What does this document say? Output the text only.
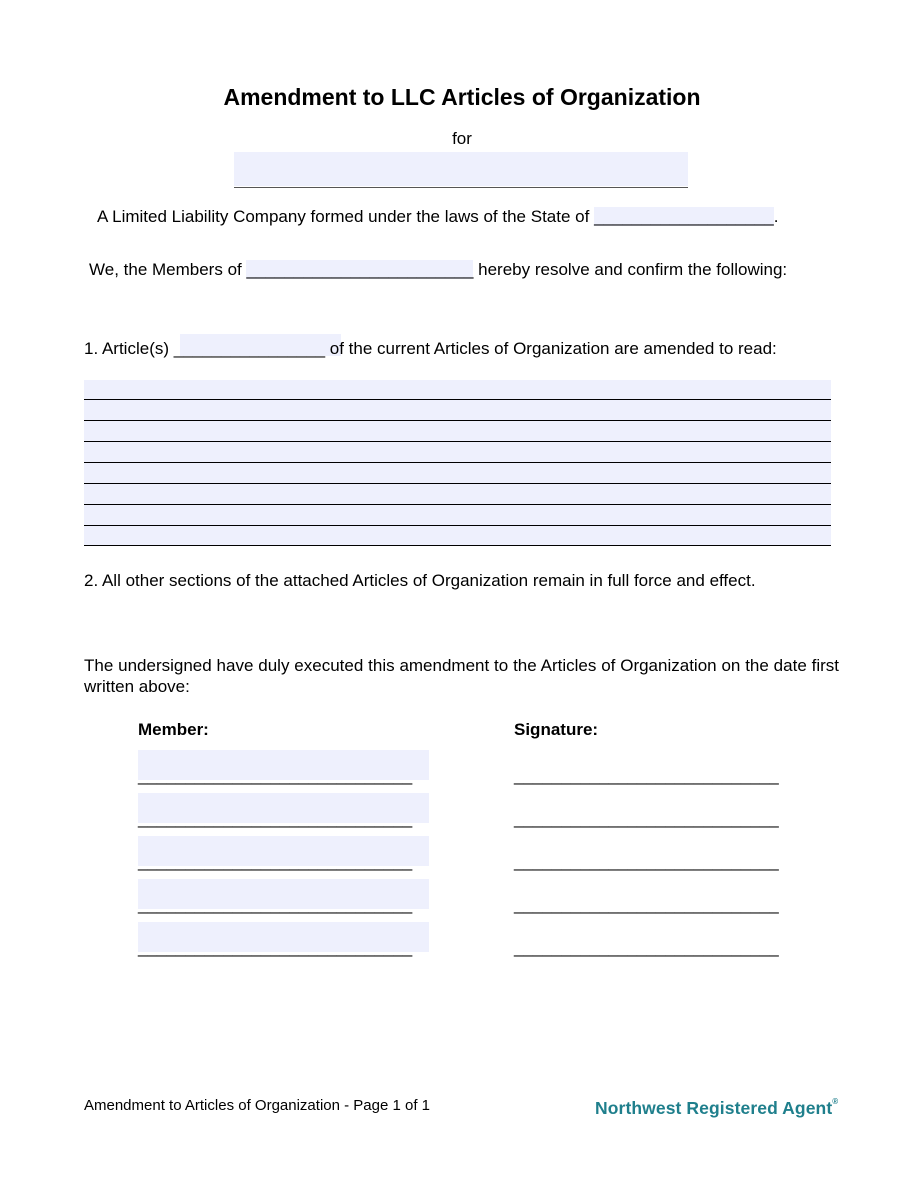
Amendment to LLC Articles of Organization
for
A Limited Liability Company formed under the laws of the State of ___________________.
We, the Members of ________________________ hereby resolve and confirm the following:
1. Article(s) ________________ of the current Articles of Organization are amended to read:
2. All other sections of the attached Articles of Organization remain in full force and effect.
The undersigned have duly executed this amendment to the Articles of Organization on the date first written above:
Member:	Signature:
_____________________________	____________________________
_____________________________	____________________________
_____________________________	____________________________
_____________________________	____________________________
_____________________________	____________________________
Amendment to Articles of Organization - Page 1 of 1	Northwest Registered Agent®
